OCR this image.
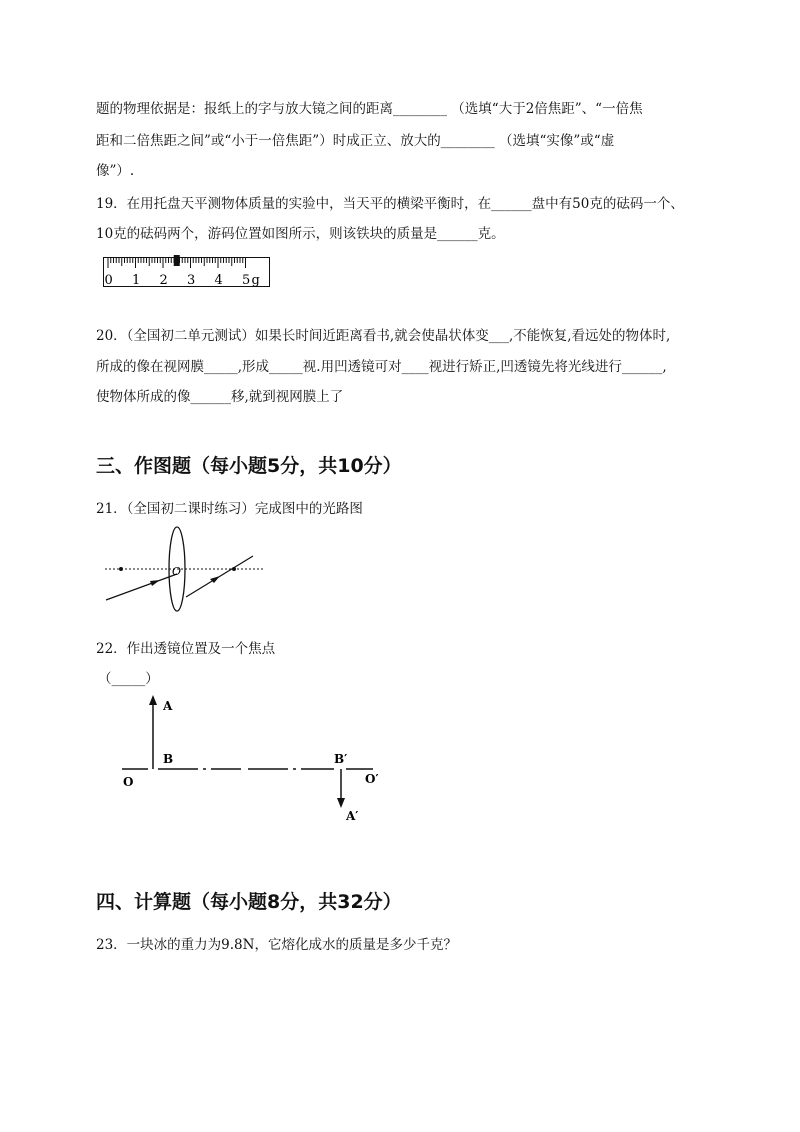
题的物理依据是：报纸上的字与放大镜之间的距离________ （选填“大于2倍焦距”、“一倍焦
距和二倍焦距之间”或“小于一倍焦距”）时成正立、放大的________ （选填“实像”或“虚
像”）.
19．在用托盘天平测物体质量的实验中，当天平的横梁平衡时，在______盘中有50克的砝码一个、
10克的砝码两个，游码位置如图所示，则该铁块的质量是______克。
0 1 2 3 4 5 g
20．（全国初二单元测试）如果长时间近距离看书,就会使晶状体变___,不能恢复,看远处的物体时,
所成的像在视网膜_____,形成_____视.用凹透镜可对____视进行矫正,凹透镜先将光线进行______,
使物体所成的像______移,就到视网膜上了
三、作图题（每小题5分，共10分）
21．（全国初二课时练习）完成图中的光路图
O
22．作出透镜位置及一个焦点
（_____）
A
B
O
B′
O′
A′
四、计算题（每小题8分，共32分）
23．一块冰的重力为9.8N，它熔化成水的质量是多少千克？
